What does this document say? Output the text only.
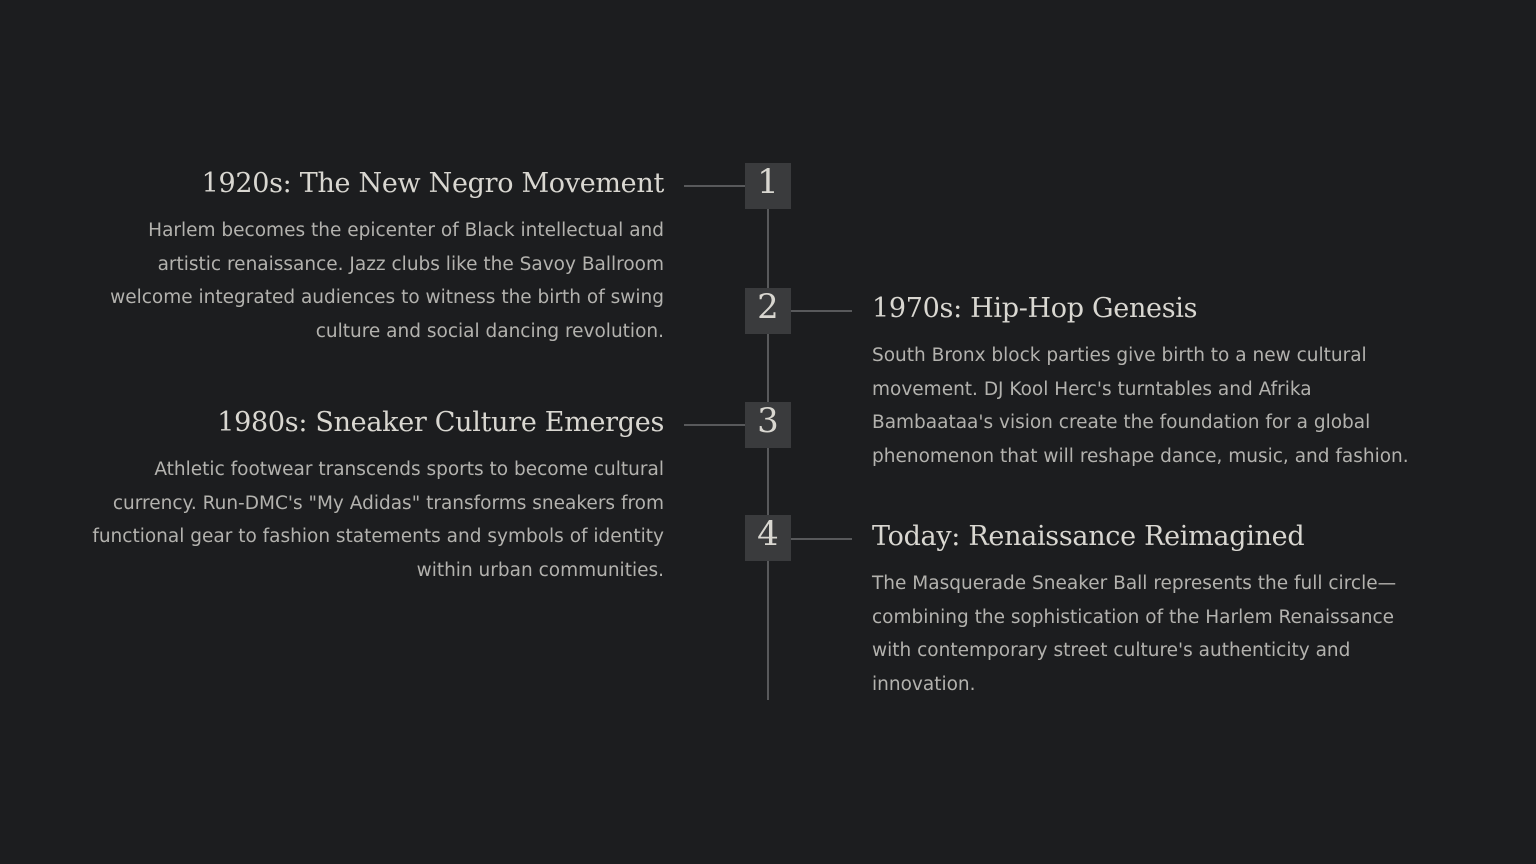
1
1920s: The New Negro Movement

Harlem becomes the epicenter of Black intellectual and artistic renaissance. Jazz clubs like the Savoy Ballroom welcome integrated audiences to witness the birth of swing culture and social dancing revolution.

2	1970s: Hip-Hop Genesis

South Bronx block parties give birth to a new cultural movement. DJ Kool Herc's turntables and Afrika Bambaataa's vision create the foundation for a global phenomenon that will reshape dance, music, and fashion.

3
1980s: Sneaker Culture Emerges

Athletic footwear transcends sports to become cultural currency. Run-DMC's "My Adidas" transforms sneakers from functional gear to fashion statements and symbols of identity within urban communities.

4	Today: Renaissance Reimagined

The Masquerade Sneaker Ball represents the full circle—combining the sophistication of the Harlem Renaissance with contemporary street culture's authenticity and innovation.
